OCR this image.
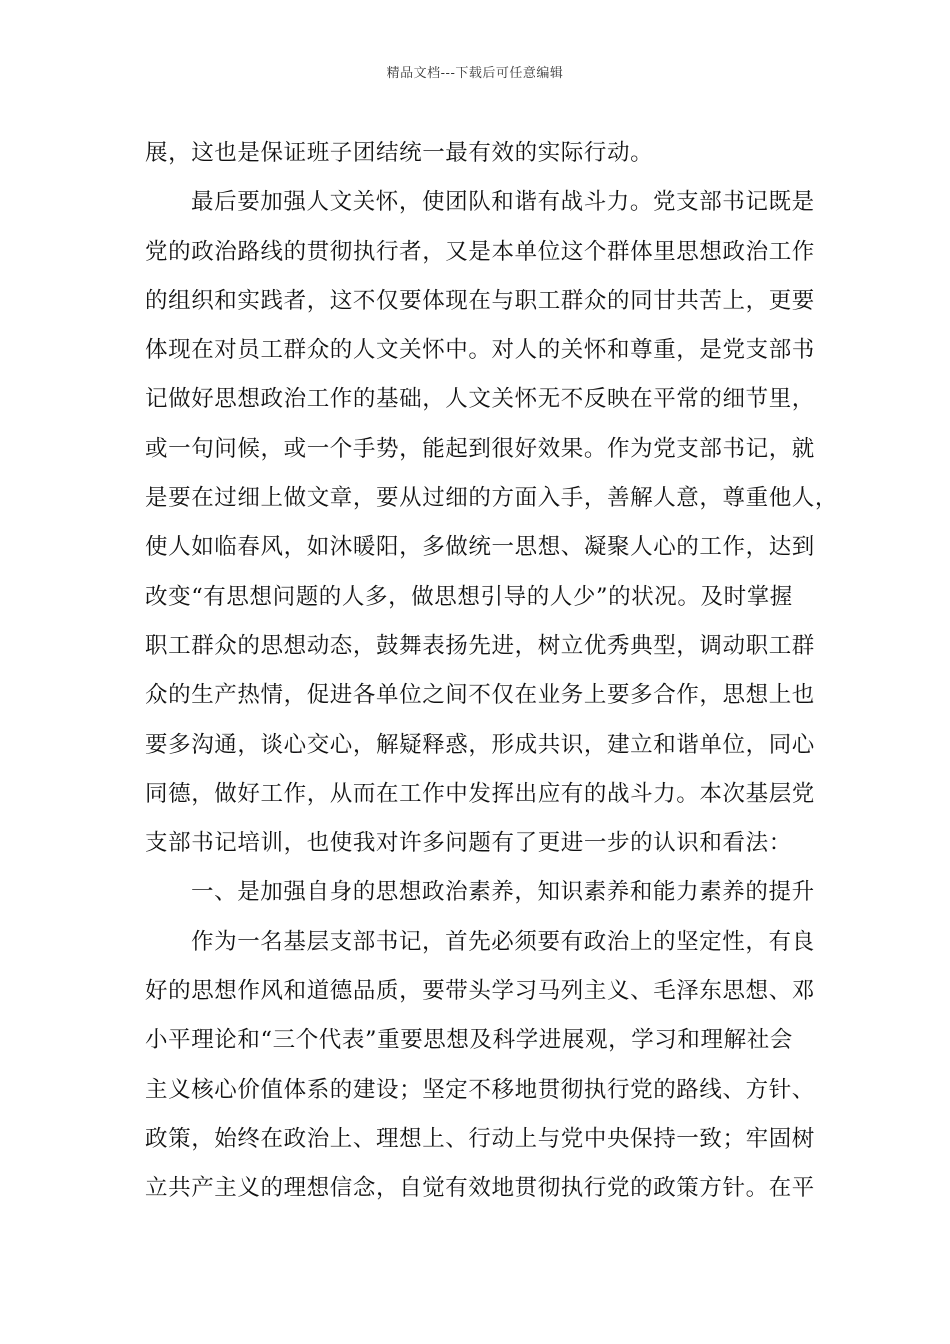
精品文档---下载后可任意编辑
展，这也是保证班子团结统一最有效的实际行动。
最后要加强人文关怀，使团队和谐有战斗力。党支部书记既是
党的政治路线的贯彻执行者，又是本单位这个群体里思想政治工作
的组织和实践者，这不仅要体现在与职工群众的同甘共苦上，更要
体现在对员工群众的人文关怀中。对人的关怀和尊重，是党支部书
记做好思想政治工作的基础，人文关怀无不反映在平常的细节里，
或一句问候，或一个手势，能起到很好效果。作为党支部书记，就
是要在过细上做文章，要从过细的方面入手，善解人意，尊重他人，
使人如临春风，如沐暖阳，多做统一思想、凝聚人心的工作，达到
改变“有思想问题的人多，做思想引导的人少”的状况。及时掌握
职工群众的思想动态，鼓舞表扬先进，树立优秀典型，调动职工群
众的生产热情，促进各单位之间不仅在业务上要多合作，思想上也
要多沟通，谈心交心，解疑释惑，形成共识，建立和谐单位，同心
同德，做好工作，从而在工作中发挥出应有的战斗力。本次基层党
支部书记培训，也使我对许多问题有了更进一步的认识和看法：
一、是加强自身的思想政治素养，知识素养和能力素养的提升
作为一名基层支部书记，首先必须要有政治上的坚定性，有良
好的思想作风和道德品质，要带头学习马列主义、毛泽东思想、邓
小平理论和“三个代表”重要思想及科学进展观，学习和理解社会
主义核心价值体系的建设；坚定不移地贯彻执行党的路线、方针、
政策，始终在政治上、理想上、行动上与党中央保持一致；牢固树
立共产主义的理想信念，自觉有效地贯彻执行党的政策方针。在平
